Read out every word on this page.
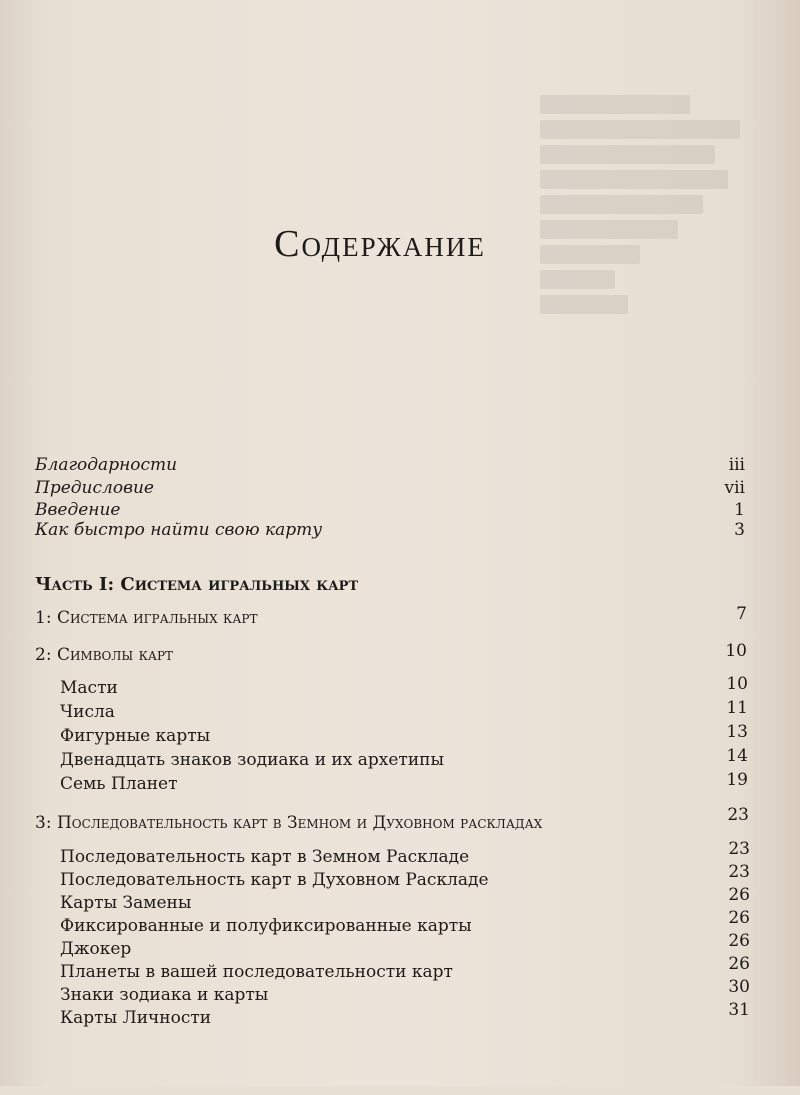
Содержание
Благодарности	iii
Предисловие	vii
Введение	1
Как быстро найти свою карту	3
Часть I: Система игральных карт
1: Система игральных карт	7
2: Символы карт	10
Масти	10
Числа	11
Фигурные карты	13
Двенадцать знаков зодиака и их архетипы	14
Семь Планет	19
3: Последовательность карт в Земном и Духовном раскладах	23
Последовательность карт в Земном Раскладе	23
Последовательность карт в Духовном Раскладе	23
Карты Замены	26
Фиксированные и полуфиксированные карты	26
Джокер	26
Планеты в вашей последовательности карт	26
Знаки зодиака и карты	30
Карты Личности	31
